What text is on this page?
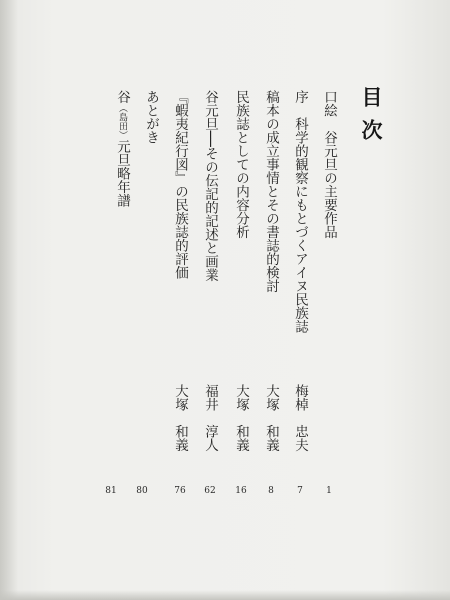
目次
口絵　谷元旦の主要作品
1
序　科学的観察にもとづくアイヌ民族誌
梅棹　忠夫
7
稿本の成立事情とその書誌的検討
大塚　和義
8
民族誌としての内容分析
大塚　和義
16
谷元旦──その伝記的記述と画業
福井　淳人
62
『蝦夷紀行図』の民族誌的評価
大塚　和義
76
あとがき
80
谷（島田）元旦略年譜
81
